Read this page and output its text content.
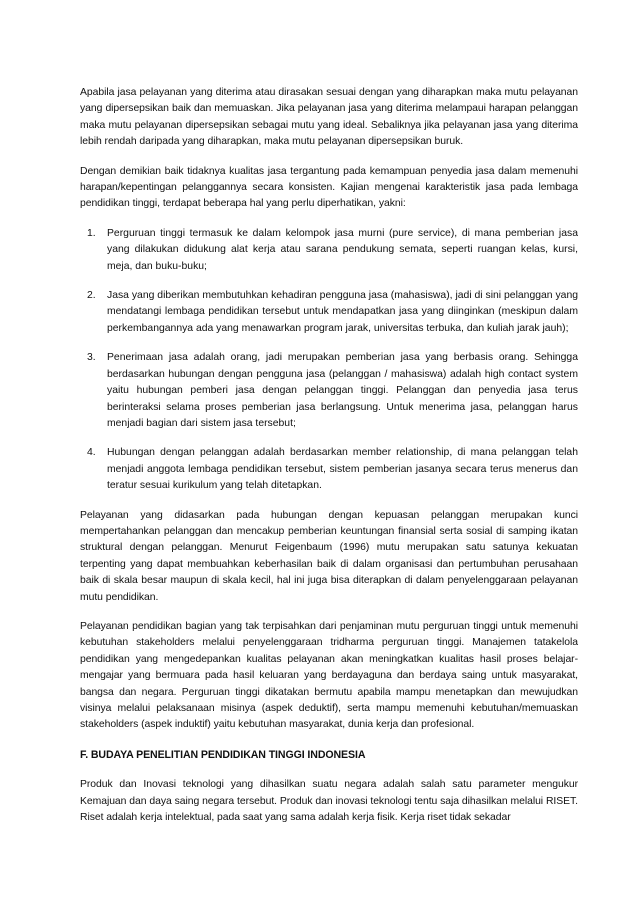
Apabila jasa pelayanan yang diterima atau dirasakan sesuai dengan yang diharapkan maka mutu pelayanan yang dipersepsikan baik dan memuaskan. Jika pelayanan jasa yang diterima melampaui harapan pelanggan maka mutu pelayanan dipersepsikan sebagai mutu yang ideal. Sebaliknya jika pelayanan jasa yang diterima lebih rendah daripada yang diharapkan, maka mutu pelayanan dipersepsikan buruk.

Dengan demikian baik tidaknya kualitas jasa tergantung pada kemampuan penyedia jasa dalam memenuhi harapan/kepentingan pelanggannya secara konsisten. Kajian mengenai karakteristik jasa pada lembaga pendidikan tinggi, terdapat beberapa hal yang perlu diperhatikan, yakni:

1. Perguruan tinggi termasuk ke dalam kelompok jasa murni (pure service), di mana pemberian jasa yang dilakukan didukung alat kerja atau sarana pendukung semata, seperti ruangan kelas, kursi, meja, dan buku-buku;
2. Jasa yang diberikan membutuhkan kehadiran pengguna jasa (mahasiswa), jadi di sini pelanggan yang mendatangi lembaga pendidikan tersebut untuk mendapatkan jasa yang diinginkan (meskipun dalam perkembangannya ada yang menawarkan program jarak, universitas terbuka, dan kuliah jarak jauh);
3. Penerimaan jasa adalah orang, jadi merupakan pemberian jasa yang berbasis orang. Sehingga berdasarkan hubungan dengan pengguna jasa (pelanggan / mahasiswa) adalah high contact system yaitu hubungan pemberi jasa dengan pelanggan tinggi. Pelanggan dan penyedia jasa terus berinteraksi selama proses pemberian jasa berlangsung. Untuk menerima jasa, pelanggan harus menjadi bagian dari sistem jasa tersebut;
4. Hubungan dengan pelanggan adalah berdasarkan member relationship, di mana pelanggan telah menjadi anggota lembaga pendidikan tersebut, sistem pemberian jasanya secara terus menerus dan teratur sesuai kurikulum yang telah ditetapkan.

Pelayanan yang didasarkan pada hubungan dengan kepuasan pelanggan merupakan kunci mempertahankan pelanggan dan mencakup pemberian keuntungan finansial serta sosial di samping ikatan struktural dengan pelanggan. Menurut Feigenbaum (1996) mutu merupakan satu satunya kekuatan terpenting yang dapat membuahkan keberhasilan baik di dalam organisasi dan pertumbuhan perusahaan baik di skala besar maupun di skala kecil, hal ini juga bisa diterapkan di dalam penyelenggaraan pelayanan mutu pendidikan.

Pelayanan pendidikan bagian yang tak terpisahkan dari penjaminan mutu perguruan tinggi untuk memenuhi kebutuhan stakeholders melalui penyelenggaraan tridharma perguruan tinggi. Manajemen tatakelola pendidikan yang mengedepankan kualitas pelayanan akan meningkatkan kualitas hasil proses belajar-mengajar yang bermuara pada hasil keluaran yang berdayaguna dan berdaya saing untuk masyarakat, bangsa dan negara. Perguruan tinggi dikatakan bermutu apabila mampu menetapkan dan mewujudkan visinya melalui pelaksanaan misinya (aspek deduktif), serta mampu memenuhi kebutuhan/memuaskan stakeholders (aspek induktif) yaitu kebutuhan masyarakat, dunia kerja dan profesional.

F. BUDAYA PENELITIAN PENDIDIKAN TINGGI INDONESIA

Produk dan Inovasi teknologi yang dihasilkan suatu negara adalah salah satu parameter mengukur Kemajuan dan daya saing negara tersebut. Produk dan inovasi teknologi tentu saja dihasilkan melalui RISET. Riset adalah kerja intelektual, pada saat yang sama adalah kerja fisik. Kerja riset tidak sekadar
